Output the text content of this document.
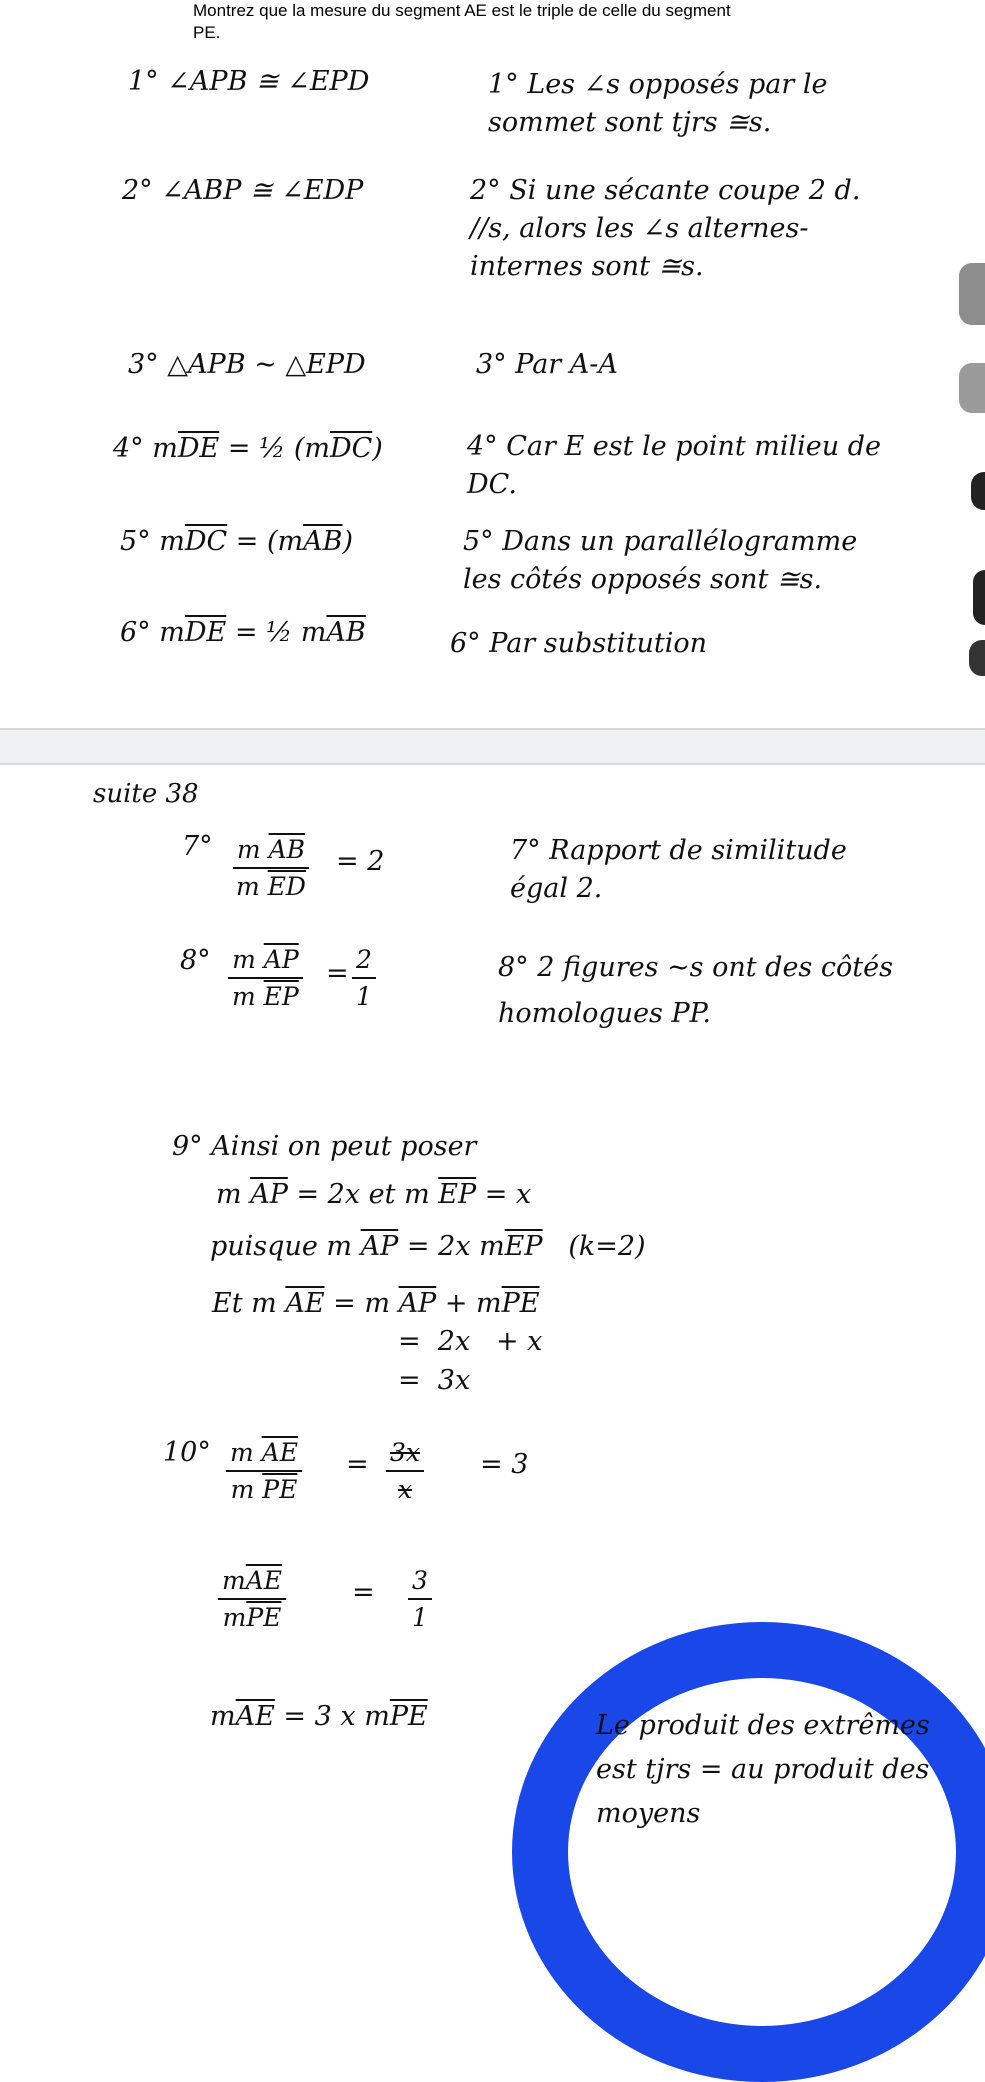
Montrez que la mesure du segment AE est le triple de celle du segment
PE.
1° ∠APB ≅ ∠EPD	1° Les ∠s opposés par le sommet sont tjrs ≅s.
2° ∠ABP ≅ ∠EDP	2° Si une sécante coupe 2 d. //s, alors les ∠s alternes-internes sont ≅s.
3° △APB ∼ △EPD	3° Par A-A
4° $m\overline{DE}$ = ½ $(m\overline{DC})$	4° Car E est le point milieu de DC.
5° $m\overline{DC} = (m\overline{AB})$	5° Dans un parallélogramme les côtés opposés sont ≅s.
6° $m\overline{DE}$ = ½ $m\overline{AB}$	6° Par substitution
suite 38
$7^\circ \frac{m \overline{AB}}{m \overline{ED}} = 2$	7° Rapport de similitude égal 2.
$8^\circ \frac{m \overline{AP}}{m \overline{EP}} = \frac{2}{1}$	8° 2 figures ∼s ont des côtés homologues PP.
9° Ainsi on peut poser
m $\overline{AP} = 2x$ et m $\overline{EP} = x$
puisque m $\overline{AP} = 2x$ $m\overline{EP}$ (k=2)
Et m $\overline{AE} = m$ $\overline{AP} + m\overline{PE}$
=  2x   + x
=  3x
$10^\circ \frac{m \overline{AE}}{m \overline{PE}} = \frac{3x}{x} = 3$
$m\overline{AE}$
$m\overline{PE}$
= $\frac{3}{1}$
$m\overline{AE} = 3$ x $m\overline{PE}$	Le produit des extrêmes est tjrs = au produit des moyens
